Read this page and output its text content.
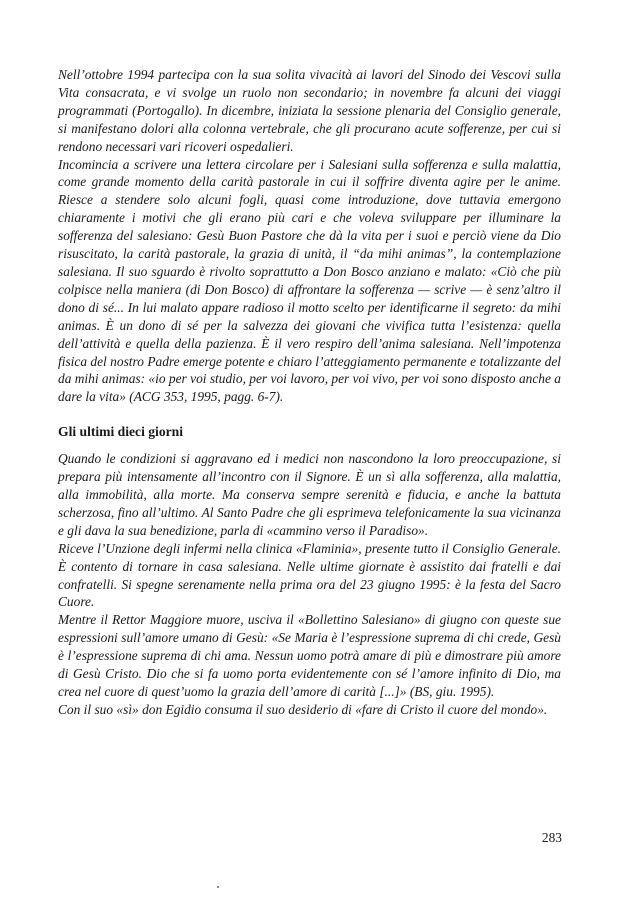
Nell’ottobre 1994 partecipa con la sua solita vivacità ai lavori del Sinodo dei Vescovi sulla Vita consacrata, e vi svolge un ruolo non secondario; in novembre fa alcuni dei viaggi programmati (Portogallo). In dicembre, iniziata la sessione plenaria del Consiglio generale, si manifestano dolori alla colonna vertebrale, che gli procurano acute sofferenze, per cui si rendono necessari vari ricoveri ospedalieri.

Incomincia a scrivere una lettera circolare per i Salesiani sulla sofferenza e sulla malattia, come grande momento della carità pastorale in cui il soffrire diventa agire per le anime. Riesce a stendere solo alcuni fogli, quasi come introduzione, dove tuttavia emergono chiaramente i motivi che gli erano più cari e che voleva sviluppare per illuminare la sofferenza del salesiano: Gesù Buon Pastore che dà la vita per i suoi e perciò viene da Dio risuscitato, la carità pastorale, la grazia di unità, il “da mihi animas”, la contemplazione salesiana. Il suo sguardo è rivolto soprattutto a Don Bosco anziano e malato: «Ciò che più colpisce nella maniera (di Don Bosco) di affrontare la sofferenza — scrive — è senz’altro il dono di sé... In lui malato appare radioso il motto scelto per identificarne il segreto: da mihi animas. È un dono di sé per la salvezza dei giovani che vivifica tutta l’esistenza: quella dell’attività e quella della pazienza. È il vero respiro dell’anima salesiana. Nell’impotenza fisica del nostro Padre emerge potente e chiaro l’atteggiamento permanente e totalizzante del da mihi animas: «io per voi studio, per voi lavoro, per voi vivo, per voi sono disposto anche a dare la vita» (ACG 353, 1995, pagg. 6-7).

Gli ultimi dieci giorni

Quando le condizioni si aggravano ed i medici non nascondono la loro preoccupazione, si prepara più intensamente all’incontro con il Signore. È un sì alla sofferenza, alla malattia, alla immobilità, alla morte. Ma conserva sempre serenità e fiducia, e anche la battuta scherzosa, fino all’ultimo. Al Santo Padre che gli esprimeva telefonicamente la sua vicinanza e gli dava la sua benedizione, parla di «cammino verso il Paradiso».

Riceve l’Unzione degli infermi nella clinica «Flaminia», presente tutto il Consiglio Generale. È contento di tornare in casa salesiana. Nelle ultime giornate è assistito dai fratelli e dai confratelli. Si spegne serenamente nella prima ora del 23 giugno 1995: è la festa del Sacro Cuore.

Mentre il Rettor Maggiore muore, usciva il «Bollettino Salesiano» di giugno con queste sue espressioni sull’amore umano di Gesù: «Se Maria è l’espressione suprema di chi crede, Gesù è l’espressione suprema di chi ama. Nessun uomo potrà amare di più e dimostrare più amore di Gesù Cristo. Dio che si fa uomo porta evidentemente con sé l’amore infinito di Dio, ma crea nel cuore di quest’uomo la grazia dell’amore di carità [...]» (BS, giu. 1995).

Con il suo «sì» don Egidio consuma il suo desiderio di «fare di Cristo il cuore del mondo».

283
